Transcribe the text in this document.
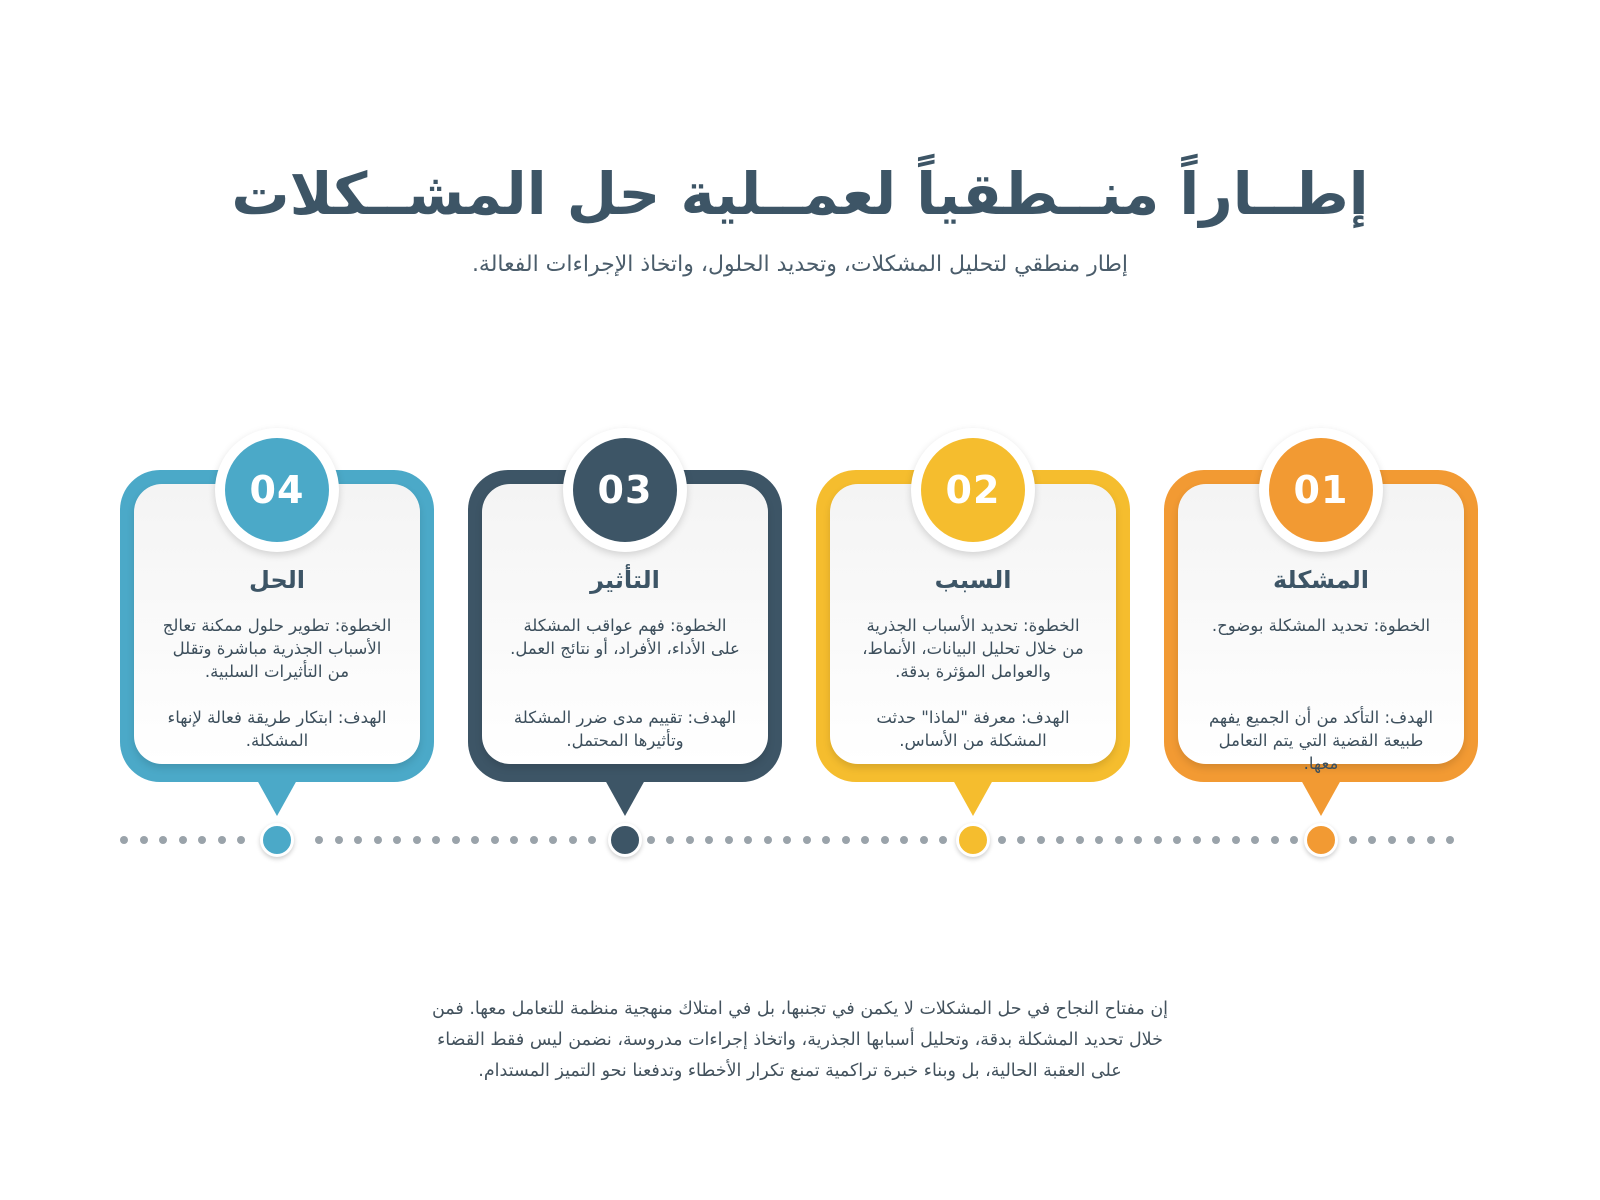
إطــاراً منــطقياً لعمــلية حل المشــكلات

إطار منطقي لتحليل المشكلات، وتحديد الحلول، واتخاذ الإجراءات الفعالة.

الحل

الخطوة: تطوير حلول ممكنة تعالج الأسباب الجذرية مباشرة وتقلل من التأثيرات السلبية.

الهدف: ابتكار طريقة فعالة لإنهاء المشكلة.

04
التأثير

الخطوة: فهم عواقب المشكلة على الأداء، الأفراد، أو نتائج العمل.

الهدف: تقييم مدى ضرر المشكلة وتأثيرها المحتمل.

03
السبب

الخطوة: تحديد الأسباب الجذرية من خلال تحليل البيانات، الأنماط، والعوامل المؤثرة بدقة.

الهدف: معرفة "لماذا" حدثت المشكلة من الأساس.

02
المشكلة

الخطوة: تحديد المشكلة بوضوح.

الهدف: التأكد من أن الجميع يفهم طبيعة القضية التي يتم التعامل معها.

01

إن مفتاح النجاح في حل المشكلات لا يكمن في تجنبها، بل في امتلاك منهجية منظمة للتعامل معها. فمن خلال تحديد المشكلة بدقة، وتحليل أسبابها الجذرية، واتخاذ إجراءات مدروسة، نضمن ليس فقط القضاء على العقبة الحالية، بل وبناء خبرة تراكمية تمنع تكرار الأخطاء وتدفعنا نحو التميز المستدام.
